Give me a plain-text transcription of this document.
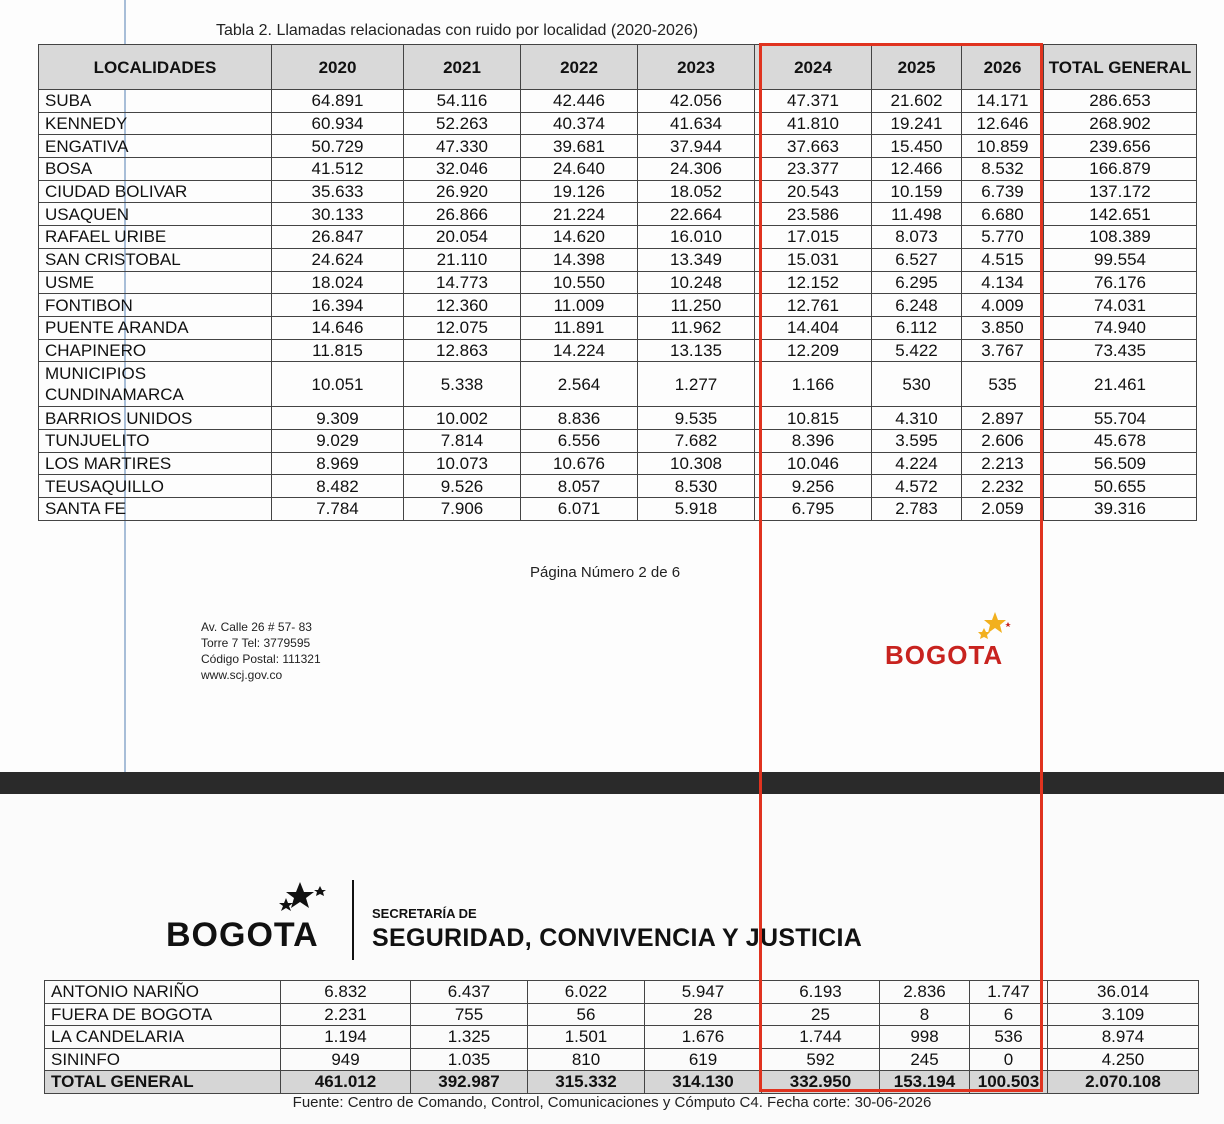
Tabla 2. Llamadas relacionadas con ruido por localidad (2020-2026)
LOCALIDADES	2020	2021	2022	2023	2024	2025	2026	TOTAL GENERAL
SUBA	64.891	54.116	42.446	42.056	47.371	21.602	14.171	286.653
KENNEDY	60.934	52.263	40.374	41.634	41.810	19.241	12.646	268.902
ENGATIVA	50.729	47.330	39.681	37.944	37.663	15.450	10.859	239.656
BOSA	41.512	32.046	24.640	24.306	23.377	12.466	8.532	166.879
CIUDAD BOLIVAR	35.633	26.920	19.126	18.052	20.543	10.159	6.739	137.172
USAQUEN	30.133	26.866	21.224	22.664	23.586	11.498	6.680	142.651
RAFAEL URIBE	26.847	20.054	14.620	16.010	17.015	8.073	5.770	108.389
SAN CRISTOBAL	24.624	21.110	14.398	13.349	15.031	6.527	4.515	99.554
USME	18.024	14.773	10.550	10.248	12.152	6.295	4.134	76.176
FONTIBON	16.394	12.360	11.009	11.250	12.761	6.248	4.009	74.031
PUENTE ARANDA	14.646	12.075	11.891	11.962	14.404	6.112	3.850	74.940
CHAPINERO	11.815	12.863	14.224	13.135	12.209	5.422	3.767	73.435
MUNICIPIOS CUNDINAMARCA	10.051	5.338	2.564	1.277	1.166	530	535	21.461
BARRIOS UNIDOS	9.309	10.002	8.836	9.535	10.815	4.310	2.897	55.704
TUNJUELITO	9.029	7.814	6.556	7.682	8.396	3.595	2.606	45.678
LOS MARTIRES	8.969	10.073	10.676	10.308	10.046	4.224	2.213	56.509
TEUSAQUILLO	8.482	9.526	8.057	8.530	9.256	4.572	2.232	50.655
SANTA FE	7.784	7.906	6.071	5.918	6.795	2.783	2.059	39.316
Página Número 2 de 6
Av. Calle 26 # 57- 83
Torre 7 Tel: 3779595
Código Postal: 111321
www.scj.gov.co
BOGOTA
BOGOTA
SECRETARÍA DE
SEGURIDAD, CONVIVENCIA Y JUSTICIA
ANTONIO NARIÑO	6.832	6.437	6.022	5.947	6.193	2.836	1.747	36.014
FUERA DE BOGOTA	2.231	755	56	28	25	8	6	3.109
LA CANDELARIA	1.194	1.325	1.501	1.676	1.744	998	536	8.974
SININFO	949	1.035	810	619	592	245	0	4.250
TOTAL GENERAL	461.012	392.987	315.332	314.130	332.950	153.194	100.503	2.070.108
Fuente: Centro de Comando, Control, Comunicaciones y Cómputo C4. Fecha corte: 30-06-2026
